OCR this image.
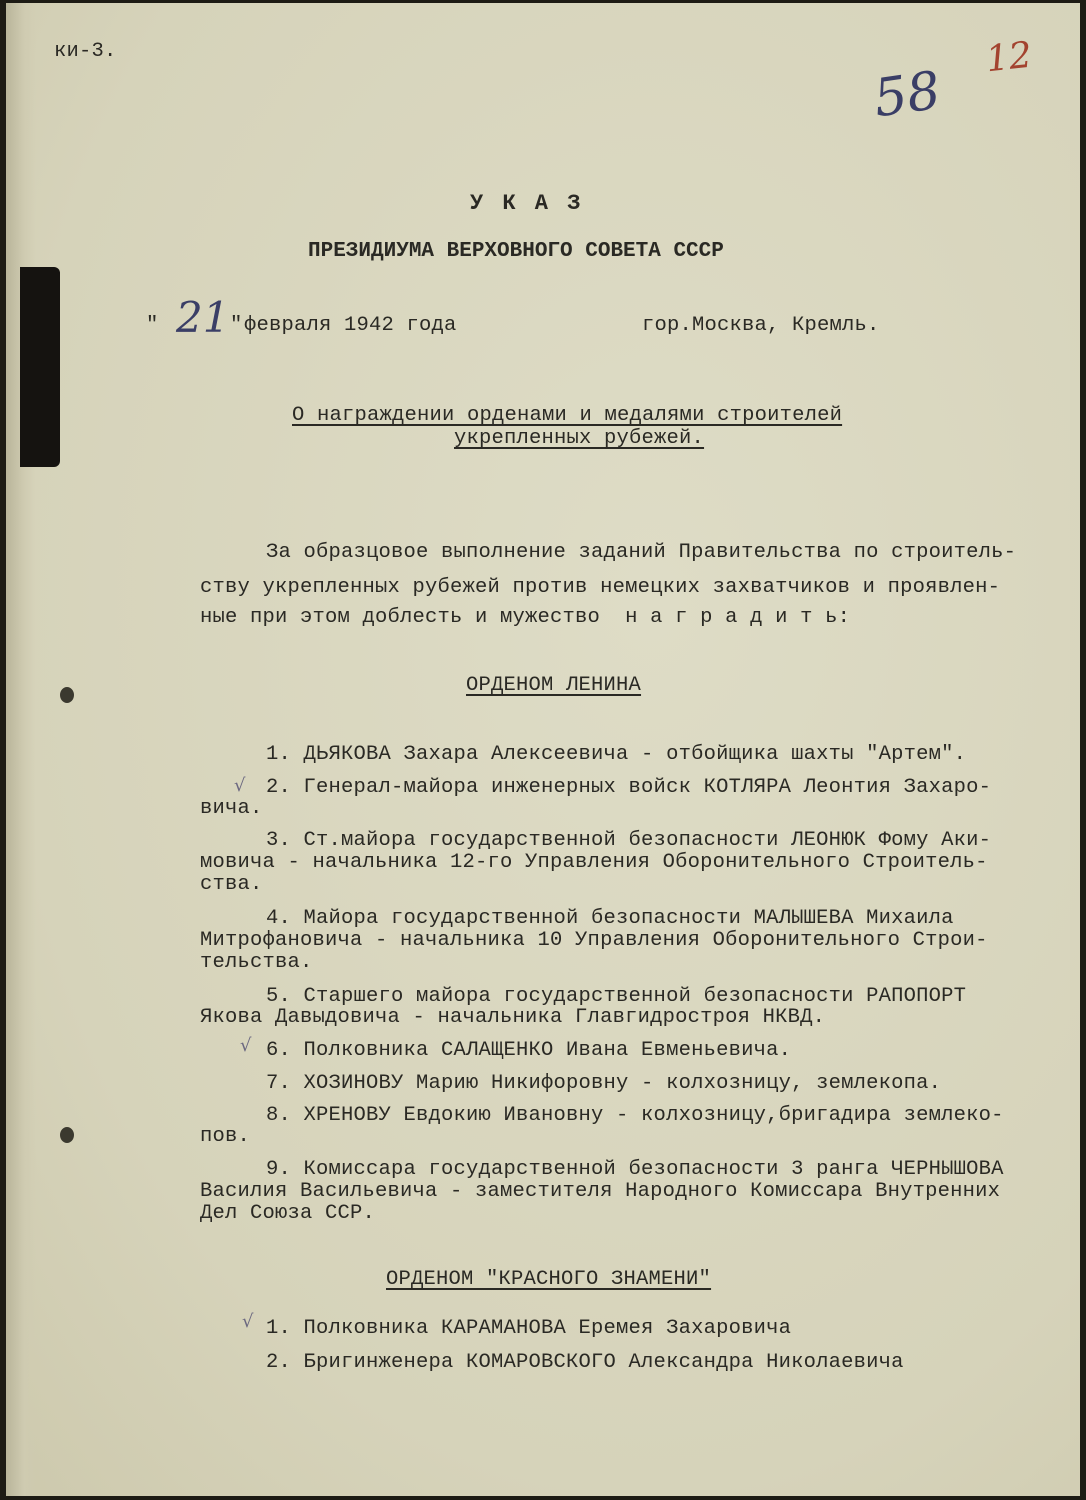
ки-3.

58
12

У К А З

ПРЕЗИДИУМА ВЕРХОВНОГО СОВЕТА СССР

" 21 " февраля 1942 года	гор.Москва, Кремль.

О награждении орденами и медалями строителей

укрепленных рубежей.

За образцовое выполнение заданий Правительства по строитель-

ству укрепленных рубежей против немецких захватчиков и проявлен-

ные при этом доблесть и мужество  н а г р а д и т ь:

ОРДЕНОМ ЛЕНИНА

1. ДЬЯКОВА Захара Алексеевича - отбойщика шахты "Артем".

√ 2. Генерал-майора инженерных войск КОТЛЯРА Леонтия Захаро-

вича.

3. Ст.майора государственной безопасности ЛЕОНЮК Фому Аки-

мовича - начальника 12-го Управления Оборонительного Строитель-

ства.

4. Майора государственной безопасности МАЛЫШЕВА Михаила

Митрофановича - начальника 10 Управления Оборонительного Строи-

тельства.

5. Старшего майора государственной безопасности РАПОПОРТ

Якова Давыдовича - начальника Главгидростроя НКВД.

√ 6. Полковника САЛАЩЕНКО Ивана Евменьевича.

7. ХОЗИНОВУ Марию Никифоровну - колхозницу, землекопа.

8. ХРЕНОВУ Евдокию Ивановну - колхозницу,бригадира землеко-

пов.

9. Комиссара государственной безопасности 3 ранга ЧЕРНЫШОВА

Василия Васильевича - заместителя Народного Комиссара Внутренних

Дел Союза ССР.

ОРДЕНОМ "КРАСНОГО ЗНАМЕНИ"

√ 1. Полковника КАРАМАНОВА Еремея Захаровича

2. Бригинженера КОМАРОВСКОГО Александра Николаевича
